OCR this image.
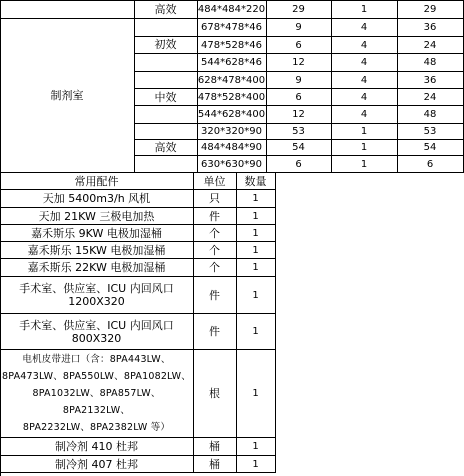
高效	484*484*220	29	1	29
制剂室
初效
678*478*46	9	4	36
478*528*46	6	4	24
544*628*46	12	4	48
中效
628*478*400	9	4	36
478*528*400	6	4	24
544*628*400	12	4	48
高效
320*320*90	53	1	53
484*484*90	54	1	54
630*630*90	6	1	6
常用配件	单位	数量
天加 5400m3/h 风机	只	1
天加 21KW 三极电加热	件	1
嘉禾斯乐 9KW 电极加湿桶	个	1
嘉禾斯乐 15KW 电极加湿桶	个	1
嘉禾斯乐 22KW 电极加湿桶	个	1
手术室、供应室、ICU 内回风口
1200X320	件	1
手术室、供应室、ICU 内回风口
800X320	件	1
电机皮带进口（含：8PA443LW、
8PA473LW、8PA550LW、8PA1082LW、
8PA1032LW、8PA857LW、8PA2132LW、
8PA2232LW、8PA2382LW 等）
根	1
制冷剂 410 杜邦	桶	1
制冷剂 407 杜邦	桶	1
